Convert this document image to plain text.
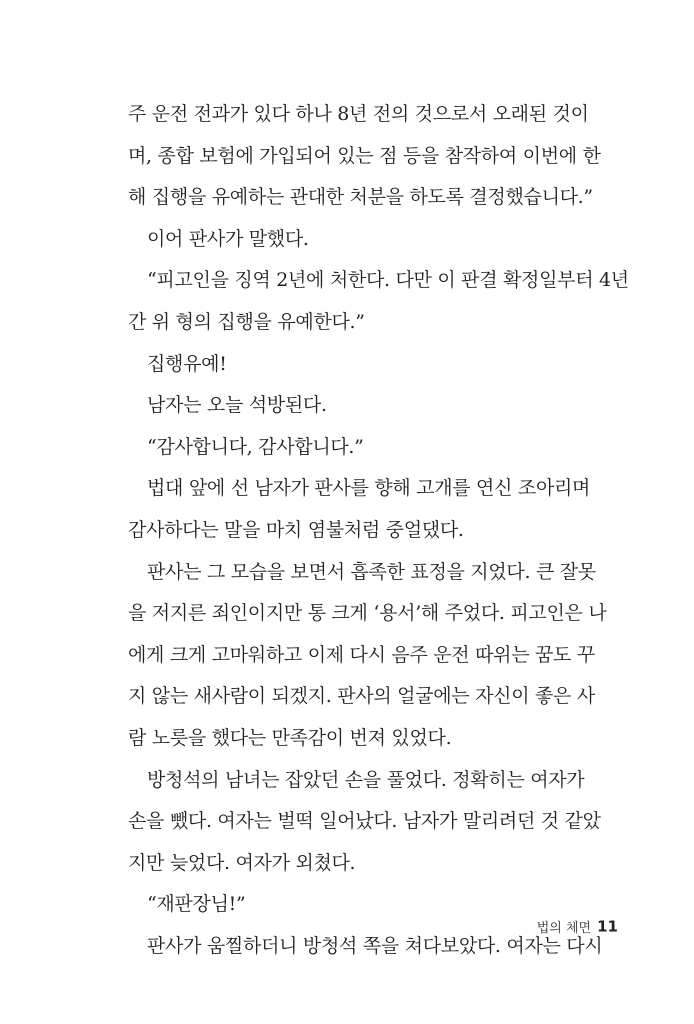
주 운전 전과가 있다 하나 8년 전의 것으로서 오래된 것이
며, 종합 보험에 가입되어 있는 점 등을 참작하여 이번에 한
해 집행을 유예하는 관대한 처분을 하도록 결정했습니다.”
이어 판사가 말했다.
“피고인을 징역 2년에 처한다. 다만 이 판결 확정일부터 4년
간 위 형의 집행을 유예한다.”
집행유예!
남자는 오늘 석방된다.
“감사합니다, 감사합니다.”
법대 앞에 선 남자가 판사를 향해 고개를 연신 조아리며
감사하다는 말을 마치 염불처럼 중얼댔다.
판사는 그 모습을 보면서 흡족한 표정을 지었다. 큰 잘못
을 저지른 죄인이지만 통 크게 ‘용서’해 주었다. 피고인은 나
에게 크게 고마워하고 이제 다시 음주 운전 따위는 꿈도 꾸
지 않는 새사람이 되겠지. 판사의 얼굴에는 자신이 좋은 사
람 노릇을 했다는 만족감이 번져 있었다.
방청석의 남녀는 잡았던 손을 풀었다. 정확히는 여자가
손을 뺐다. 여자는 벌떡 일어났다. 남자가 말리려던 것 같았
지만 늦었다. 여자가 외쳤다.
“재판장님!”
판사가 움찔하더니 방청석 쪽을 쳐다보았다. 여자는 다시
법의 체면 11
